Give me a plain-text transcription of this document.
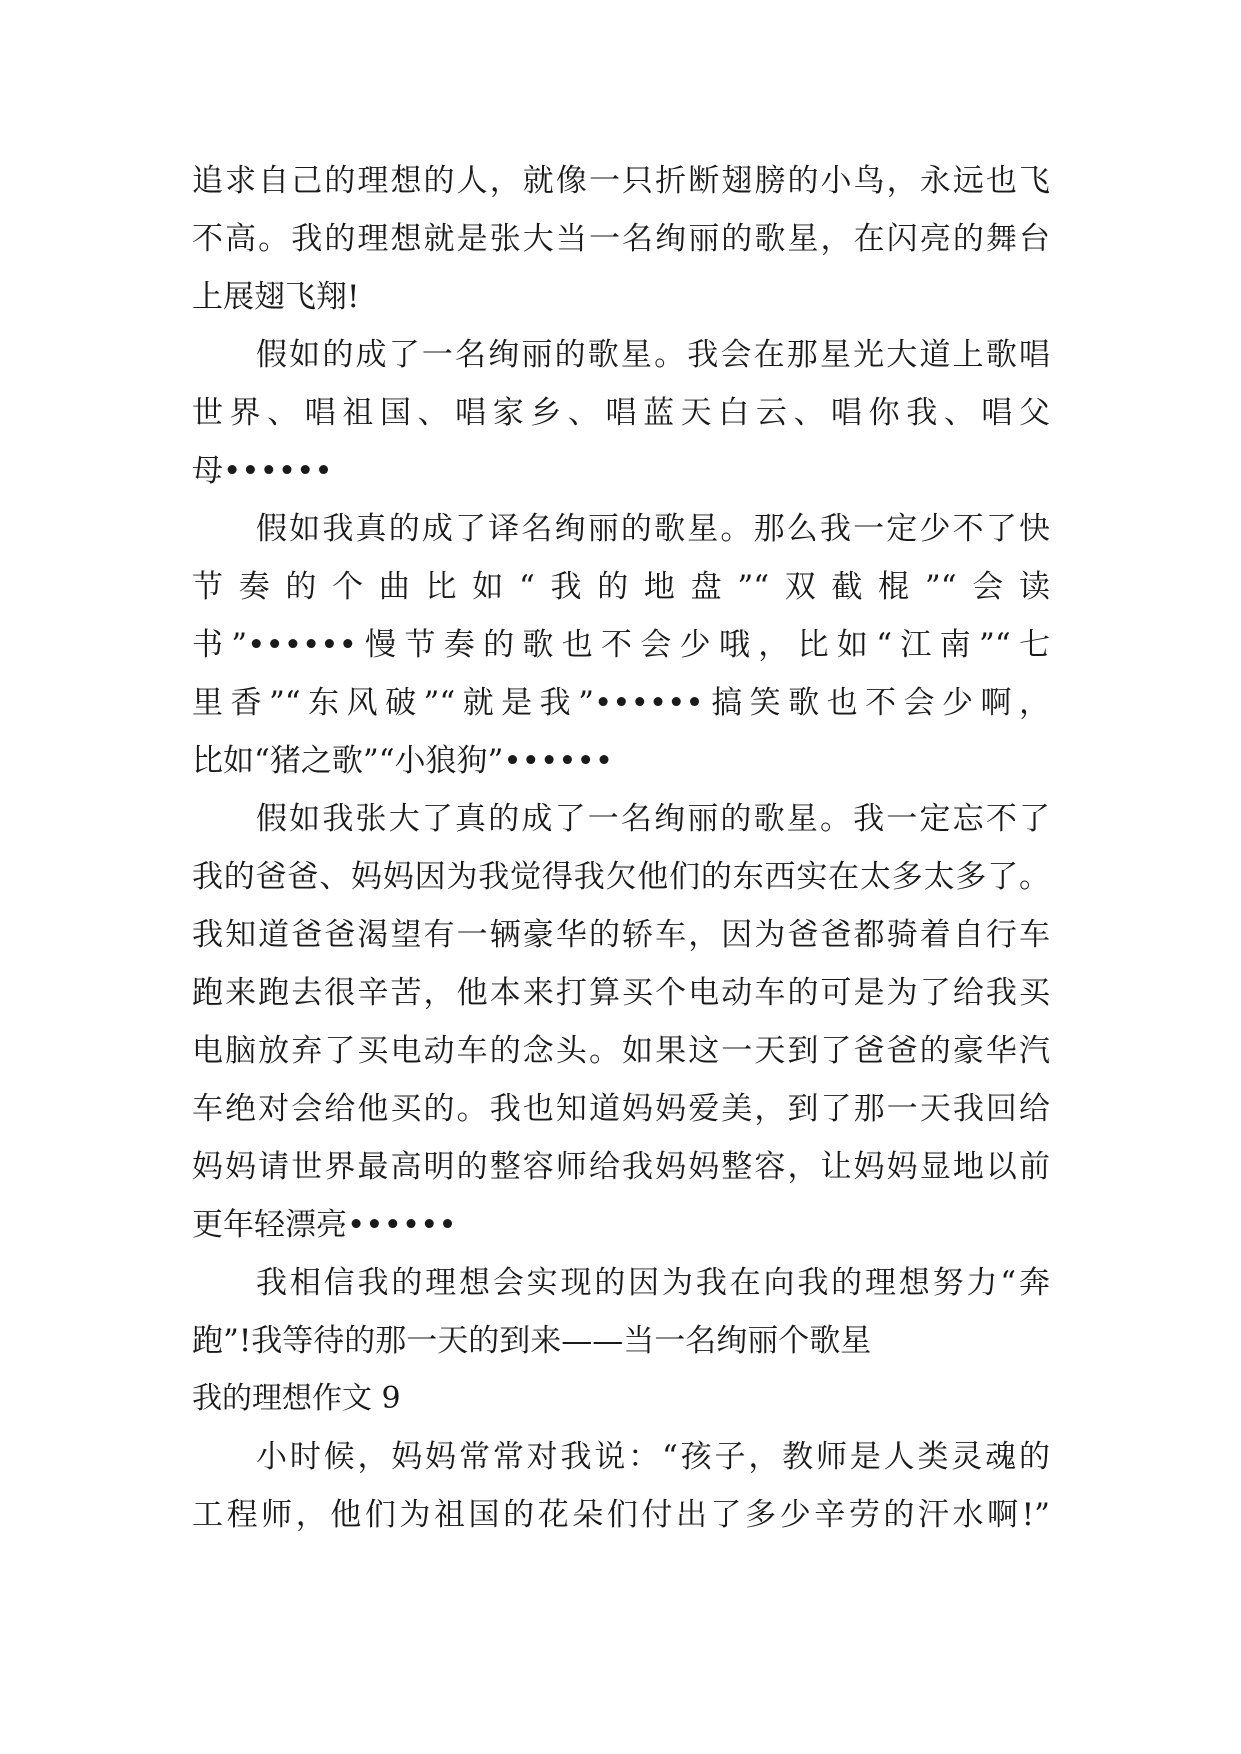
追求自己的理想的人，就像一只折断翅膀的小鸟，永远也飞
不高。我的理想就是张大当一名绚丽的歌星，在闪亮的舞台
上展翅飞翔!
假如的成了一名绚丽的歌星。我会在那星光大道上歌唱
世界、唱祖国、唱家乡、唱蓝天白云、唱你我、唱父
母••••••
假如我真的成了译名绚丽的歌星。那么我一定少不了快
节奏的个曲比如“我的地盘”“双截棍”“会读
书”••••••慢节奏的歌也不会少哦，比如“江南”“七
里香”“东风破”“就是我”••••••搞笑歌也不会少啊，
比如“猪之歌”“小狼狗”••••••
假如我张大了真的成了一名绚丽的歌星。我一定忘不了
我的爸爸、妈妈因为我觉得我欠他们的东西实在太多太多了。
我知道爸爸渴望有一辆豪华的轿车，因为爸爸都骑着自行车
跑来跑去很辛苦，他本来打算买个电动车的可是为了给我买
电脑放弃了买电动车的念头。如果这一天到了爸爸的豪华汽
车绝对会给他买的。我也知道妈妈爱美，到了那一天我回给
妈妈请世界最高明的整容师给我妈妈整容，让妈妈显地以前
更年轻漂亮••••••
我相信我的理想会实现的因为我在向我的理想努力“奔
跑”!我等待的那一天的到来——当一名绚丽个歌星
我的理想作文 9
小时候，妈妈常常对我说：“孩子，教师是人类灵魂的
工程师，他们为祖国的花朵们付出了多少辛劳的汗水啊!”
